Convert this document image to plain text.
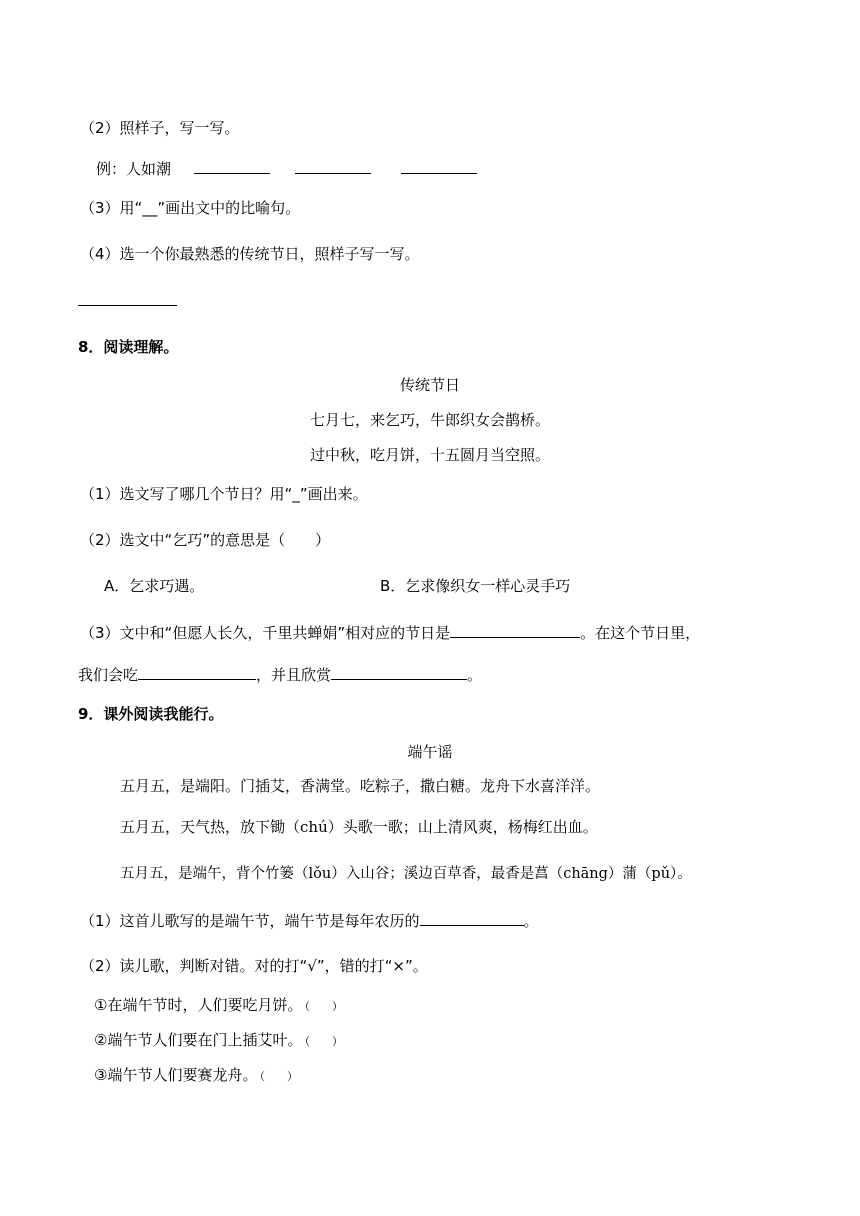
（2）照样子，写一写。
例：人如潮
（3）用“__”画出文中的比喻句。
（4）选一个你最熟悉的传统节日，照样子写一写。
8．阅读理解。
传统节日
七月七，来乞巧，牛郎织女会鹊桥。
过中秋，吃月饼，十五圆月当空照。
（1）选文写了哪几个节日？用“_”画出来。
（2）选文中“乞巧”的意思是（　　）
A．乞求巧遇。	B．乞求像织女一样心灵手巧
（3）文中和“但愿人长久，千里共蝉娟”相对应的节日是	。在这个节日里，
我们会吃	，并且欣赏	。
9．课外阅读我能行。
端午谣
五月五，是端阳。门插艾，香满堂。吃粽子，撒白糖。龙舟下水喜洋洋。
五月五，天气热，放下锄（chú）头歌一歌；山上清风爽，杨梅红出血。
五月五，是端午，背个竹篓（lǒu）入山谷；溪边百草香，最香是菖（chāng）蒲（pǔ）。
（1）这首儿歌写的是端午节，端午节是每年农历的	。
（2）读儿歌，判断对错。对的打“√”，错的打“×”。
①在端午节时，人们要吃月饼。 （　　）
②端午节人们要在门上插艾叶。 （　　）
③端午节人们要赛龙舟。 （　　）
